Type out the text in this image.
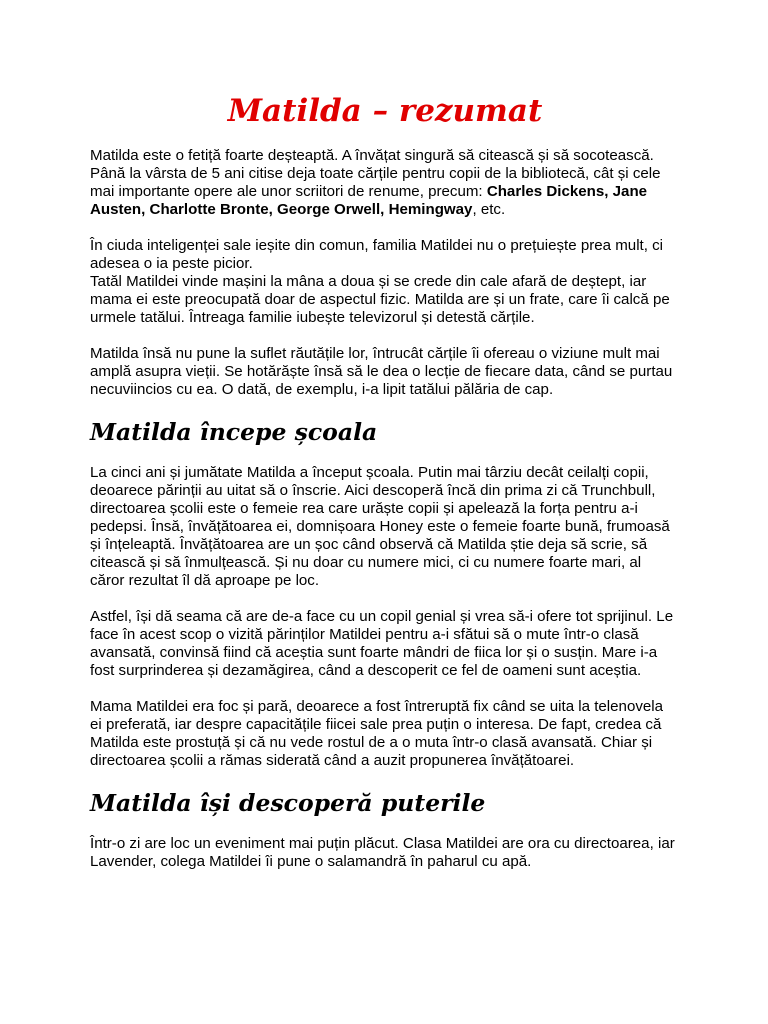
Matilda – rezumat

Matilda este o fetiță foarte deșteaptă. A învățat singură să citească și să socotească.
Până la vârsta de 5 ani citise deja toate cărțile pentru copii de la bibliotecă, cât și cele
mai importante opere ale unor scriitori de renume, precum: Charles Dickens, Jane
Austen, Charlotte Bronte, George Orwell, Hemingway, etc.

În ciuda inteligenței sale ieșite din comun, familia Matildei nu o prețuiește prea mult, ci
adesea o ia peste picior.
Tatăl Matildei vinde mașini la mâna a doua și se crede din cale afară de deștept, iar
mama ei este preocupată doar de aspectul fizic. Matilda are și un frate, care îi calcă pe
urmele tatălui. Întreaga familie iubește televizorul și detestă cărțile.

Matilda însă nu pune la suflet răutățile lor, întrucât cărțile îi ofereau o viziune mult mai
amplă asupra vieții. Se hotărăște însă să le dea o lecție de fiecare data, când se purtau
necuviincios cu ea. O dată, de exemplu, i-a lipit tatălui pălăria de cap.

Matilda începe școala

La cinci ani și jumătate Matilda a început școala. Putin mai târziu decât ceilalți copii,
deoarece părinții au uitat să o înscrie. Aici descoperă încă din prima zi că Trunchbull,
directoarea școlii este o femeie rea care urăște copii și apelează la forța pentru a-i
pedepsi. Însă, învățătoarea ei, domnișoara Honey este o femeie foarte bună, frumoasă
și înțeleaptă. Învățătoarea are un șoc când observă că Matilda știe deja să scrie, să
citească și să înmulțească. Și nu doar cu numere mici, ci cu numere foarte mari, al
căror rezultat îl dă aproape pe loc.

Astfel, își dă seama că are de-a face cu un copil genial și vrea să-i ofere tot sprijinul. Le
face în acest scop o vizită părinților Matildei pentru a-i sfătui să o mute într-o clasă
avansată, convinsă fiind că aceștia sunt foarte mândri de fiica lor și o susțin. Mare i-a
fost surprinderea și dezamăgirea, când a descoperit ce fel de oameni sunt aceștia.

Mama Matildei era foc și pară, deoarece a fost întreruptă fix când se uita la telenovela
ei preferată, iar despre capacitățile fiicei sale prea puțin o interesa. De fapt, credea că
Matilda este prostuță și că nu vede rostul de a o muta într-o clasă avansată. Chiar și
directoarea școlii a rămas siderată când a auzit propunerea învățătoarei.

Matilda își descoperă puterile

Într-o zi are loc un eveniment mai puțin plăcut. Clasa Matildei are ora cu directoarea, iar
Lavender, colega Matildei îi pune o salamandră în paharul cu apă.
